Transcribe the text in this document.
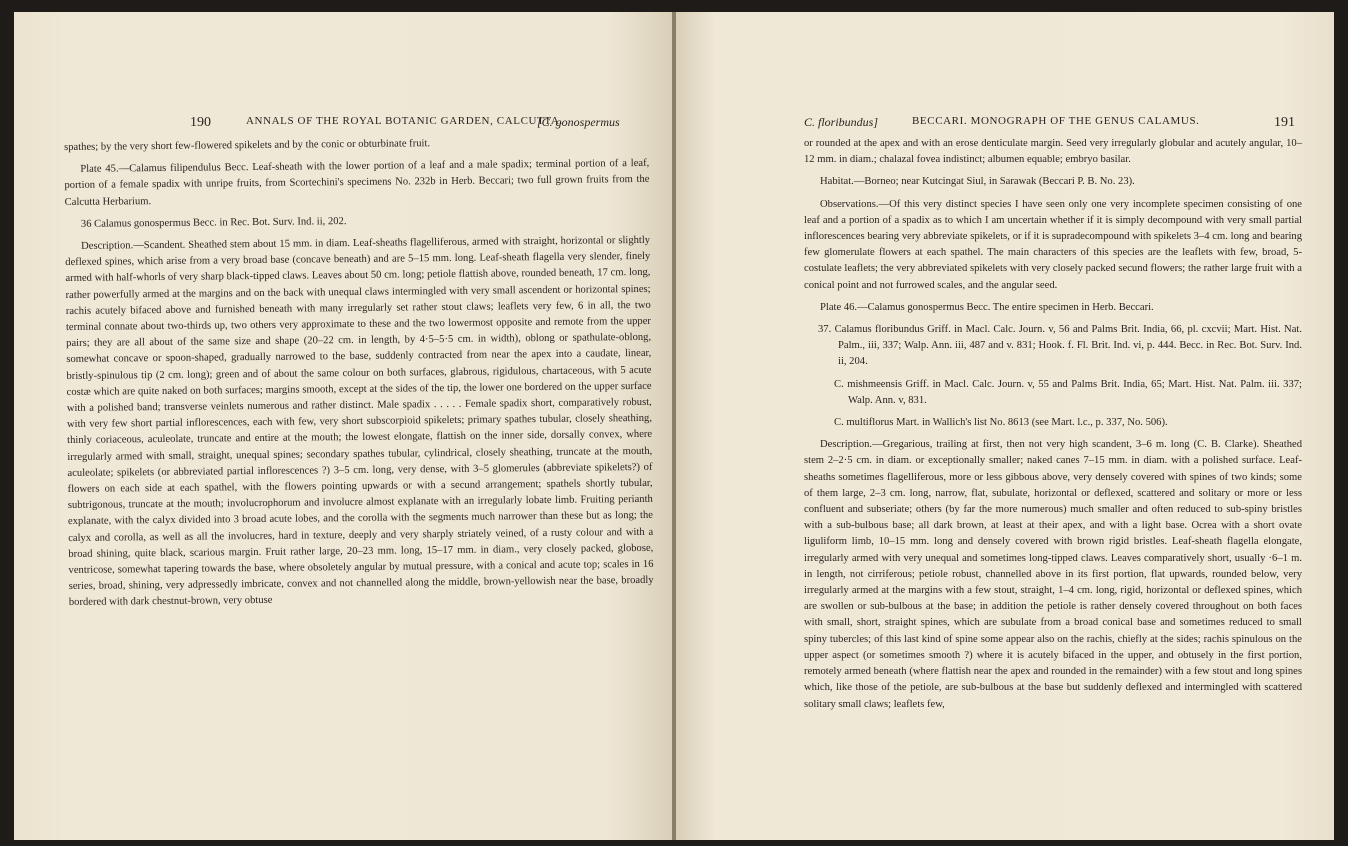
190	ANNALS OF THE ROYAL BOTANIC GARDEN, CALCUTTA.
[C. gonospermus

spathes; by the very short few-flowered spikelets and by the conic or obturbinate fruit.

Plate 45.—Calamus filipendulus Becc. Leaf-sheath with the lower portion of a leaf and a male spadix; terminal portion of a leaf, portion of a female spadix with unripe fruits, from Scortechini's specimens No. 232b in Herb. Beccari; two full grown fruits from the Calcutta Herbarium.

36 Calamus gonospermus Becc. in Rec. Bot. Surv. Ind. ii, 202.

Description.—Scandent. Sheathed stem about 15 mm. in diam. Leaf-sheaths flagelliferous, armed with straight, horizontal or slightly deflexed spines, which arise from a very broad base (concave beneath) and are 5–15 mm. long. Leaf-sheath flagella very slender, finely armed with half-whorls of very sharp black-tipped claws. Leaves about 50 cm. long; petiole flattish above, rounded beneath, 17 cm. long, rather powerfully armed at the margins and on the back with unequal claws intermingled with very small ascendent or horizontal spines; rachis acutely bifaced above and furnished beneath with many irregularly set rather stout claws; leaflets very few, 6 in all, the two terminal connate about two-thirds up, two others very approximate to these and the two lowermost opposite and remote from the upper pairs; they are all about of the same size and shape (20–22 cm. in length, by 4·5–5·5 cm. in width), oblong or spathulate-oblong, somewhat concave or spoon-shaped, gradually narrowed to the base, suddenly contracted from near the apex into a caudate, linear, bristly-spinulous tip (2 cm. long); green and of about the same colour on both surfaces, glabrous, rigidulous, chartaceous, with 5 acute costæ which are quite naked on both surfaces; margins smooth, except at the sides of the tip, the lower one bordered on the upper surface with a polished band; transverse veinlets numerous and rather distinct. Male spadix . . . . . Female spadix short, comparatively robust, with very few short partial inflorescences, each with few, very short subscorpioid spikelets; primary spathes tubular, closely sheathing, thinly coriaceous, aculeolate, truncate and entire at the mouth; the lowest elongate, flattish on the inner side, dorsally convex, where irregularly armed with small, straight, unequal spines; secondary spathes tubular, cylindrical, closely sheathing, truncate at the mouth, aculeolate; spikelets (or abbreviated partial inflorescences ?) 3–5 cm. long, very dense, with 3–5 glomerules (abbreviate spikelets?) of flowers on each side at each spathel, with the flowers pointing upwards or with a secund arrangement; spathels shortly tubular, subtrigonous, truncate at the mouth; involucrophorum and involucre almost explanate with an irregularly lobate limb. Fruiting perianth explanate, with the calyx divided into 3 broad acute lobes, and the corolla with the segments much narrower than these but as long; the calyx and corolla, as well as all the involucres, hard in texture, deeply and very sharply striately veined, of a rusty colour and with a broad shining, quite black, scarious margin. Fruit rather large, 20–23 mm. long, 15–17 mm. in diam., very closely packed, globose, ventricose, somewhat tapering towards the base, where obsoletely angular by mutual pressure, with a conical and acute top; scales in 16 series, broad, shining, very adpressedly imbricate, convex and not channelled along the middle, brown-yellowish near the base, broadly bordered with dark chestnut-brown, very obtuse

C. floribundus]	BECCARI. MONOGRAPH OF THE GENUS CALAMUS.	191

or rounded at the apex and with an erose denticulate margin. Seed very irregularly globular and acutely angular, 10–12 mm. in diam.; chalazal fovea indistinct; albumen equable; embryo basilar.

Habitat.—Borneo; near Kutcingat Siul, in Sarawak (Beccari P. B. No. 23).

Observations.—Of this very distinct species I have seen only one very incomplete specimen consisting of one leaf and a portion of a spadix as to which I am uncertain whether if it is simply decompound with very small partial inflorescences bearing very abbreviate spikelets, or if it is supradecompound with spikelets 3–4 cm. long and bearing few glomerulate flowers at each spathel. The main characters of this species are the leaflets with few, broad, 5-costulate leaflets; the very abbreviated spikelets with very closely packed secund flowers; the rather large fruit with a conical point and not furrowed scales, and the angular seed.

Plate 46.—Calamus gonospermus Becc. The entire specimen in Herb. Beccari.

37. Calamus floribundus Griff. in Macl. Calc. Journ. v, 56 and Palms Brit. India, 66, pl. cxcvii; Mart. Hist. Nat. Palm., iii, 337; Walp. Ann. iii, 487 and v. 831; Hook. f. Fl. Brit. Ind. vi, p. 444. Becc. in Rec. Bot. Surv. Ind. ii, 204.

C. mishmeensis Griff. in Macl. Calc. Journ. v, 55 and Palms Brit. India, 65; Mart. Hist. Nat. Palm. iii. 337; Walp. Ann. v, 831.

C. multiflorus Mart. in Wallich's list No. 8613 (see Mart. l.c., p. 337, No. 506).

Description.—Gregarious, trailing at first, then not very high scandent, 3–6 m. long (C. B. Clarke). Sheathed stem 2–2·5 cm. in diam. or exceptionally smaller; naked canes 7–15 mm. in diam. with a polished surface. Leaf-sheaths sometimes flagelliferous, more or less gibbous above, very densely covered with spines of two kinds; some of them large, 2–3 cm. long, narrow, flat, subulate, horizontal or deflexed, scattered and solitary or more or less confluent and subseriate; others (by far the more numerous) much smaller and often reduced to sub-spiny bristles with a sub-bulbous base; all dark brown, at least at their apex, and with a light base. Ocrea with a short ovate liguliform limb, 10–15 mm. long and densely covered with brown rigid bristles. Leaf-sheath flagella elongate, irregularly armed with very unequal and sometimes long-tipped claws. Leaves comparatively short, usually ·6–1 m. in length, not cirriferous; petiole robust, channelled above in its first portion, flat upwards, rounded below, very irregularly armed at the margins with a few stout, straight, 1–4 cm. long, rigid, horizontal or deflexed spines, which are swollen or sub-bulbous at the base; in addition the petiole is rather densely covered throughout on both faces with small, short, straight spines, which are subulate from a broad conical base and sometimes reduced to small spiny tubercles; of this last kind of spine some appear also on the rachis, chiefly at the sides; rachis spinulous on the upper aspect (or sometimes smooth ?) where it is acutely bifaced in the upper, and obtusely in the first portion, remotely armed beneath (where flattish near the apex and rounded in the remainder) with a few stout and long spines which, like those of the petiole, are sub-bulbous at the base but suddenly deflexed and intermingled with scattered solitary small claws; leaflets few,
